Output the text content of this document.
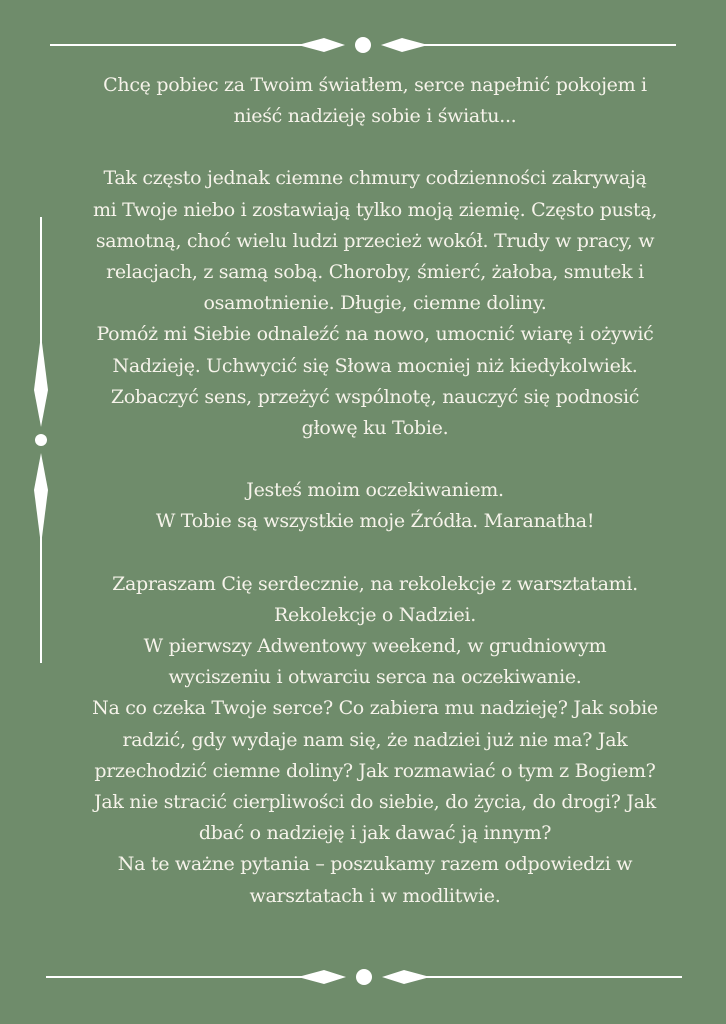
Chcę pobiec za Twoim światłem, serce napełnić pokojem i
nieść nadzieję sobie i światu...

Tak często jednak ciemne chmury codzienności zakrywają
mi Twoje niebo i zostawiają tylko moją ziemię. Często pustą,
samotną, choć wielu ludzi przecież wokół. Trudy w pracy, w
relacjach, z samą sobą. Choroby, śmierć, żałoba, smutek i
osamotnienie. Długie, ciemne doliny.
Pomóż mi Siebie odnaleźć na nowo, umocnić wiarę i ożywić
Nadzieję. Uchwycić się Słowa mocniej niż kiedykolwiek.
Zobaczyć sens, przeżyć wspólnotę, nauczyć się podnosić
głowę ku Tobie.

Jesteś moim oczekiwaniem.
W Tobie są wszystkie moje Źródła. Maranatha!

Zapraszam Cię serdecznie, na rekolekcje z warsztatami.
Rekolekcje o Nadziei.
W pierwszy Adwentowy weekend, w grudniowym
wyciszeniu i otwarciu serca na oczekiwanie.
Na co czeka Twoje serce? Co zabiera mu nadzieję? Jak sobie
radzić, gdy wydaje nam się, że nadziei już nie ma? Jak
przechodzić ciemne doliny? Jak rozmawiać o tym z Bogiem?
Jak nie stracić cierpliwości do siebie, do życia, do drogi? Jak
dbać o nadzieję i jak dawać ją innym?
Na te ważne pytania – poszukamy razem odpowiedzi w
warsztatach i w modlitwie.
